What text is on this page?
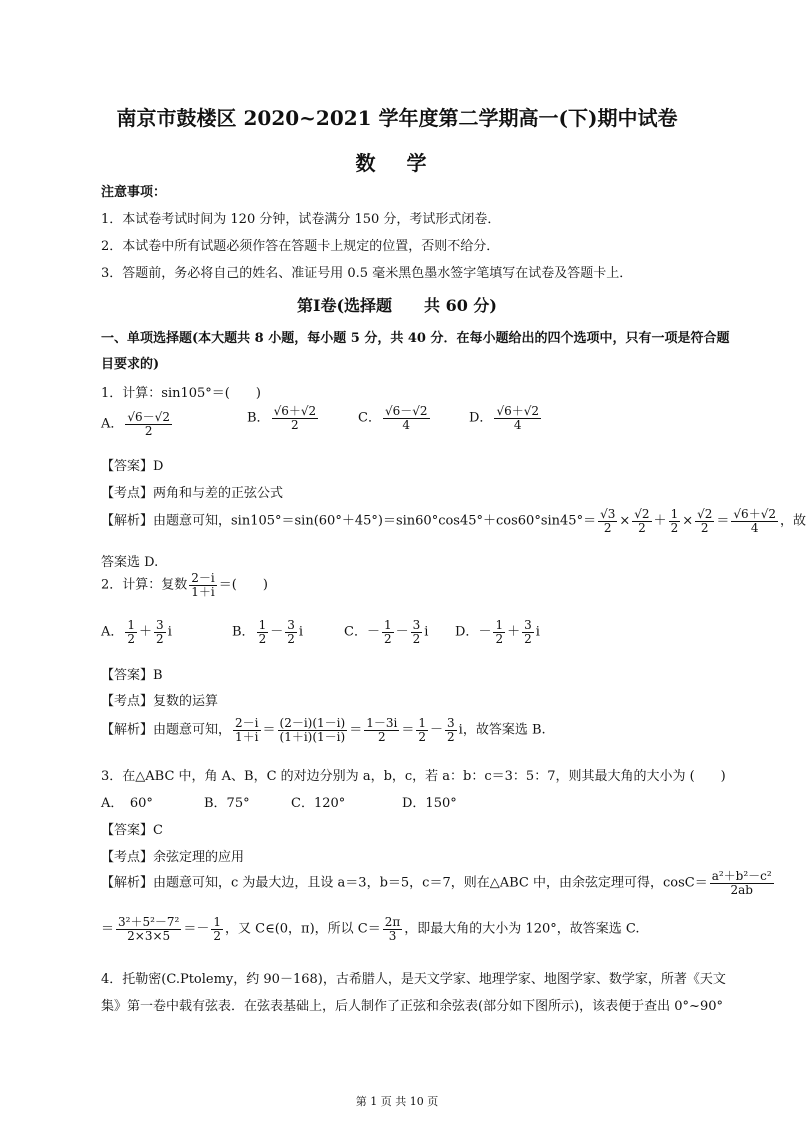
南京市鼓楼区 2020~2021 学年度第二学期高一(下)期中试卷
数 学
注意事项：
1．本试卷考试时间为 120 分钟，试卷满分 150 分，考试形式闭卷．
2．本试卷中所有试题必须作答在答题卡上规定的位置，否则不给分．
3．答题前，务必将自己的姓名、准证号用 0.5 毫米黑色墨水签字笔填写在试卷及答题卡上．
第Ⅰ卷(选择题　　共 60 分)
一、单项选择题(本大题共 8 小题，每小题 5 分，共 40 分．在每小题给出的四个选项中，只有一项是符合题
目要求的)
1．计算：sin105°＝(　　)
A． $\frac{√6-√2}{2}$	B． $\frac{√6+√2}{2}$	C． $\frac{√6-√2}{4}$	D． $\frac{√6+√2}{4}$
【答案】D
【考点】两角和与差的正弦公式
【解析】由题意可知，$\sin 105^\circ=\sin(60^\circ+45^\circ)=\sin 60^\circ\cos 45^\circ+\cos 60^\circ\sin 45^\circ= \frac{√3}{2} \times \frac{√2}{2} + \frac{1}{2} \times \frac{√2}{2} = \frac{√6+√2}{4}$ ，故
答案选 D.
2．计算：复数 $\frac{2-i}{1+i}$ ＝(　　)
A． $\frac{1}{2} + \frac{3}{2}$ i	B． $\frac{1}{2} - \frac{3}{2}$ i	C．－ $\frac{1}{2} - \frac{3}{2}$ i D．－ $\frac{1}{2} + \frac{3}{2}$ i
【答案】B
【考点】复数的运算
【解析】由题意可知， $\frac{2-i}{1+i} = \frac{(2-i)(1-i)}{(1+i)(1-i)} = \frac{1-3i}{2} = \frac{1}{2} - \frac{3}{2}$ i，故答案选 B.
3．在△ABC 中，角 A、B，C 的对边分别为 a，b，c，若 a：b：c＝3：5：7，则其最大角的大小为 (　　)
A．　60°	B．75°	C．120°	D．150°
【答案】C
【考点】余弦定理的应用
【解析】由题意可知，c 为最大边，且设 a＝3，b＝5，c＝7，则在△ABC 中，由余弦定理可得，$\cos C= \frac{\text{a²＋b²－c²}}{2ab}$
＝ $\frac{\text{3²＋5²－7²}}{2\times 3\times 5} =- \frac{1}{2}$ ，又 C∈(0，π)，所以 $C= \frac{2\pi}{3}$ ，即最大角的大小为 120°，故答案选 C.
4．托勒密(C.Ptolemy，约 90－168)，古希腊人，是天文学家、地理学家、地图学家、数学家，所著《天文
集》第一卷中载有弦表．在弦表基础上，后人制作了正弦和余弦表(部分如下图所示)，该表便于查出 0°~90°
第 1 页 共 10 页
